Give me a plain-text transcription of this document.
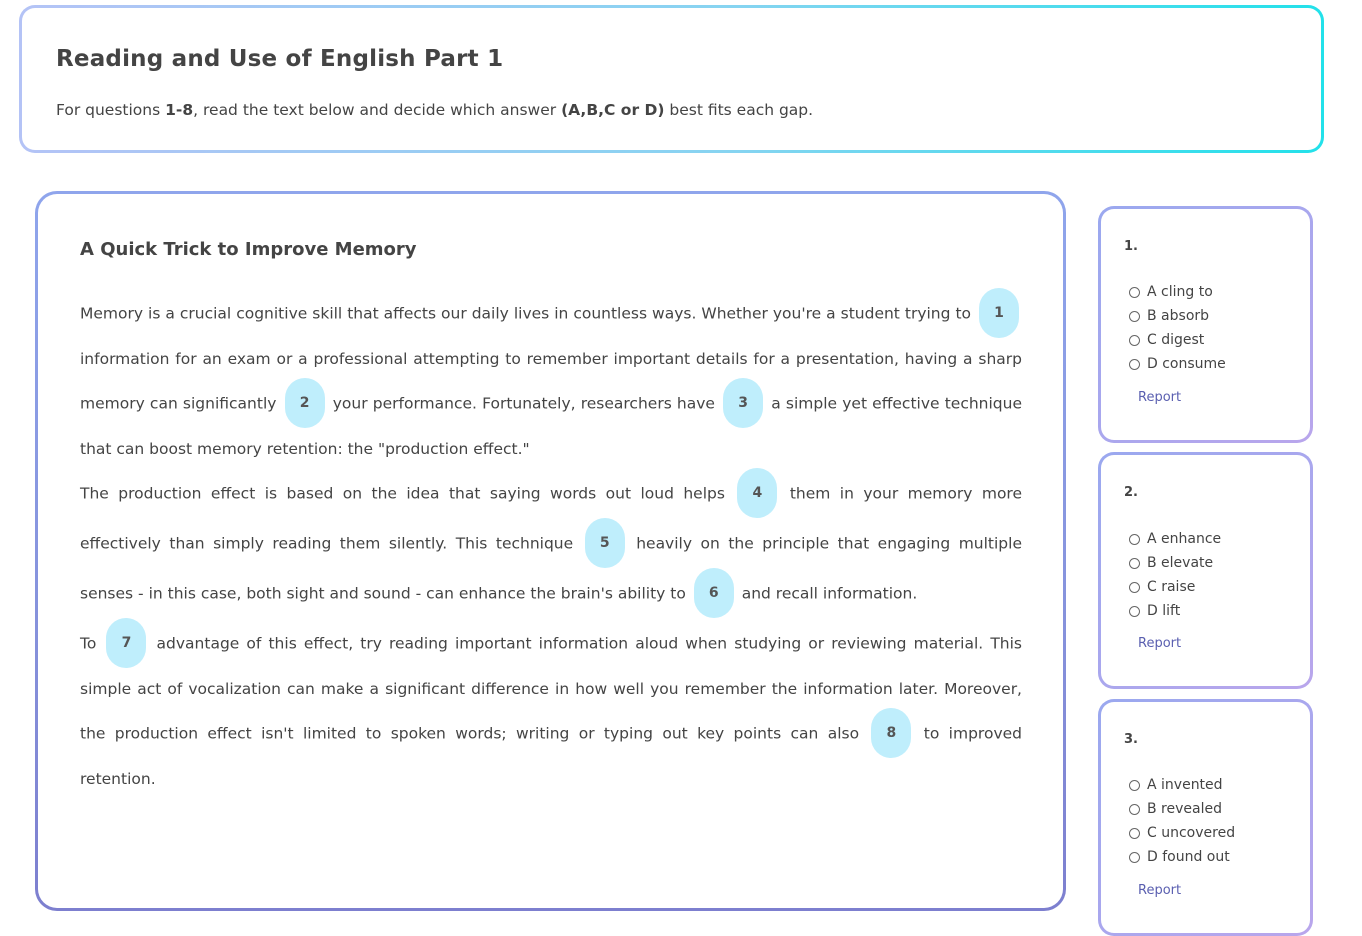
Reading and Use of English Part 1

For questions 1-8, read the text below and decide which answer (A,B,C or D) best fits each gap.

A Quick Trick to Improve Memory

Memory is a crucial cognitive skill that affects our daily lives in countless ways. Whether you're a student trying to 1 information for an exam or a professional attempting to remember important details for a presentation, having a sharp memory can significantly 2 your performance. Fortunately, researchers have 3 a simple yet effective technique that can boost memory retention: the "production effect."

The production effect is based on the idea that saying words out loud helps 4 them in your memory more effectively than simply reading them silently. This technique 5 heavily on the principle that engaging multiple senses - in this case, both sight and sound - can enhance the brain's ability to 6 and recall information.

To 7 advantage of this effect, try reading important information aloud when studying or reviewing material. This simple act of vocalization can make a significant difference in how well you remember the information later. Moreover, the production effect isn't limited to spoken words; writing or typing out key points can also 8 to improved retention.

1.
A cling to
B absorb
C digest
D consume
Report
2.
A enhance
B elevate
C raise
D lift
Report
3.
A invented
B revealed
C uncovered
D found out
Report
